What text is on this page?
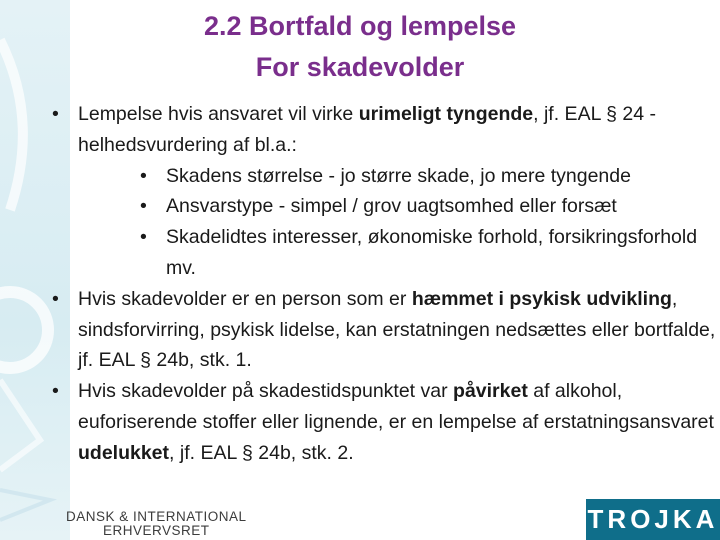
2.2 Bortfald og lempelse
For skadevolder
• Lempelse hvis ansvaret vil virke urimeligt tyngende, jf. EAL § 24 - helhedsvurdering af bl.a.:
• Skadens størrelse - jo større skade, jo mere tyngende
• Ansvarstype - simpel / grov uagtsomhed eller forsæt
• Skadelidtes interesser, økonomiske forhold, forsikringsforhold mv.
• Hvis skadevolder er en person som er hæmmet i psykisk udvikling, sindsforvirring, psykisk lidelse, kan erstatningen nedsættes eller bortfalde, jf. EAL § 24b, stk. 1.
• Hvis skadevolder på skadestidspunktet var påvirket af alkohol, euforiserende stoffer eller lignende, er en lempelse af erstatningsansvaret udelukket, jf. EAL § 24b, stk. 2.
DANSK & INTERNATIONAL
ERHVERVSRET	TROJKA
